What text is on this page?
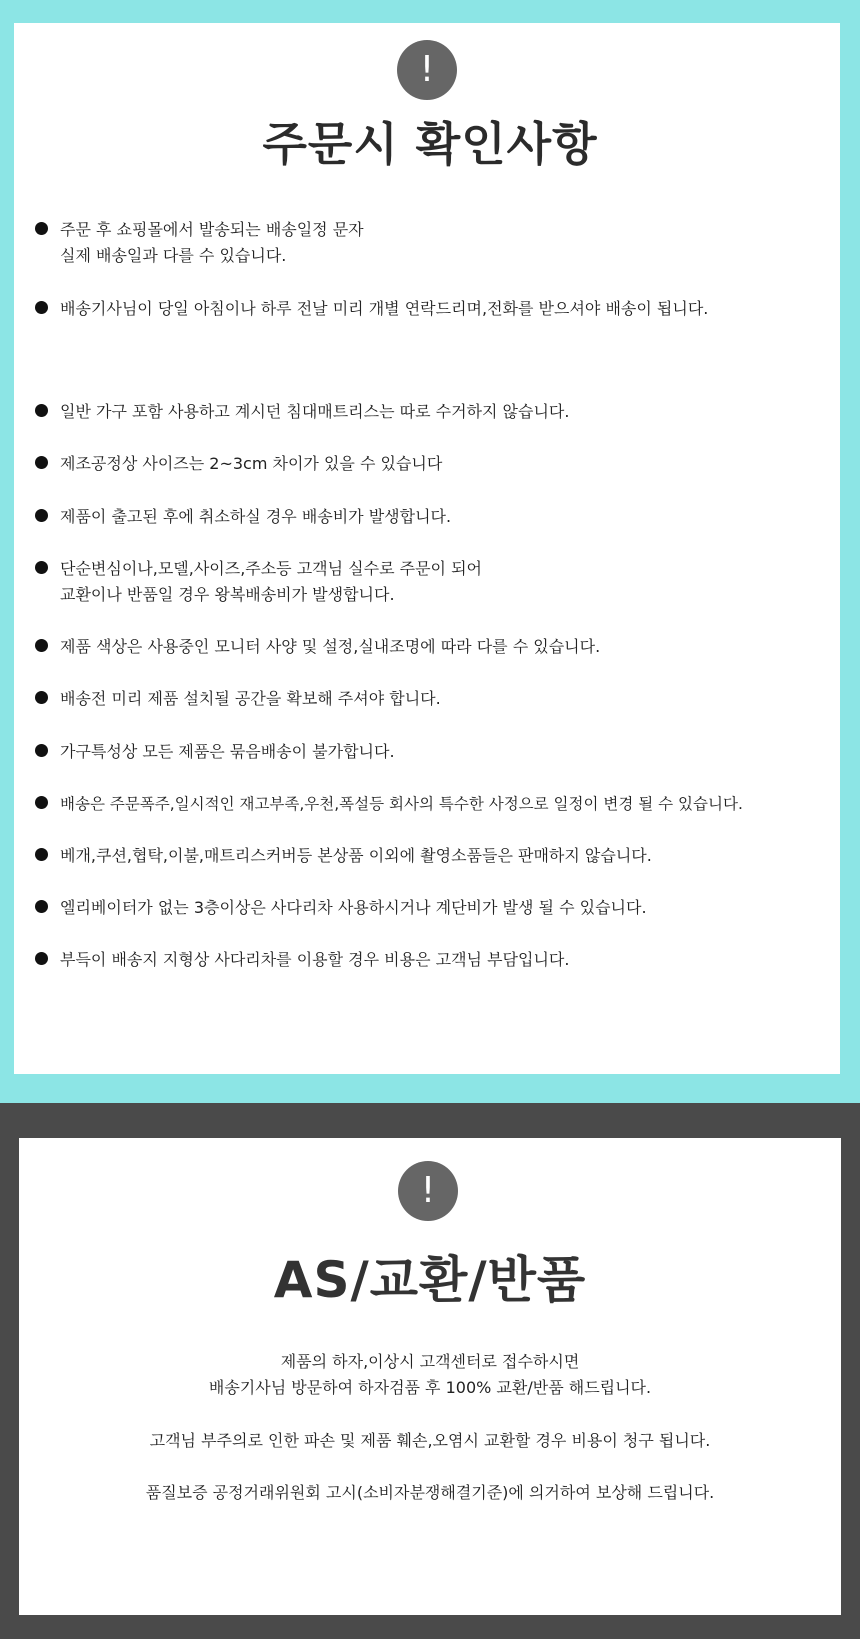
!
주문시 확인사항
주문 후 쇼핑몰에서 발송되는 배송일정 문자
실제 배송일과 다를 수 있습니다.
배송기사님이 당일 아침이나 하루 전날 미리 개별 연락드리며,전화를 받으셔야 배송이 됩니다.
일반 가구 포함 사용하고 계시던 침대매트리스는 따로 수거하지 않습니다.
제조공정상 사이즈는 2~3cm 차이가 있을 수 있습니다
제품이 출고된 후에 취소하실 경우 배송비가 발생합니다.
단순변심이나,모델,사이즈,주소등 고객님 실수로 주문이 되어
교환이나 반품일 경우 왕복배송비가 발생합니다.
제품 색상은 사용중인 모니터 사양 및 설정,실내조명에 따라 다를 수 있습니다.
배송전 미리 제품 설치될 공간을 확보해 주셔야 합니다.
가구특성상 모든 제품은 묶음배송이 불가합니다.
배송은 주문폭주,일시적인 재고부족,우천,폭설등 회사의 특수한 사정으로 일정이 변경 될 수 있습니다.
베개,쿠션,협탁,이불,매트리스커버등 본상품 이외에 촬영소품들은 판매하지 않습니다.
엘리베이터가 없는 3층이상은 사다리차 사용하시거나 계단비가 발생 될 수 있습니다.
부득이 배송지 지형상 사다리차를 이용할 경우 비용은 고객님 부담입니다.
!
AS/교환/반품
제품의 하자,이상시 고객센터로 접수하시면
배송기사님 방문하여 하자검품 후 100% 교환/반품 해드립니다.
고객님 부주의로 인한 파손 및 제품 훼손,오염시 교환할 경우 비용이 청구 됩니다.
품질보증 공정거래위원회 고시(소비자분쟁해결기준)에 의거하여 보상해 드립니다.
